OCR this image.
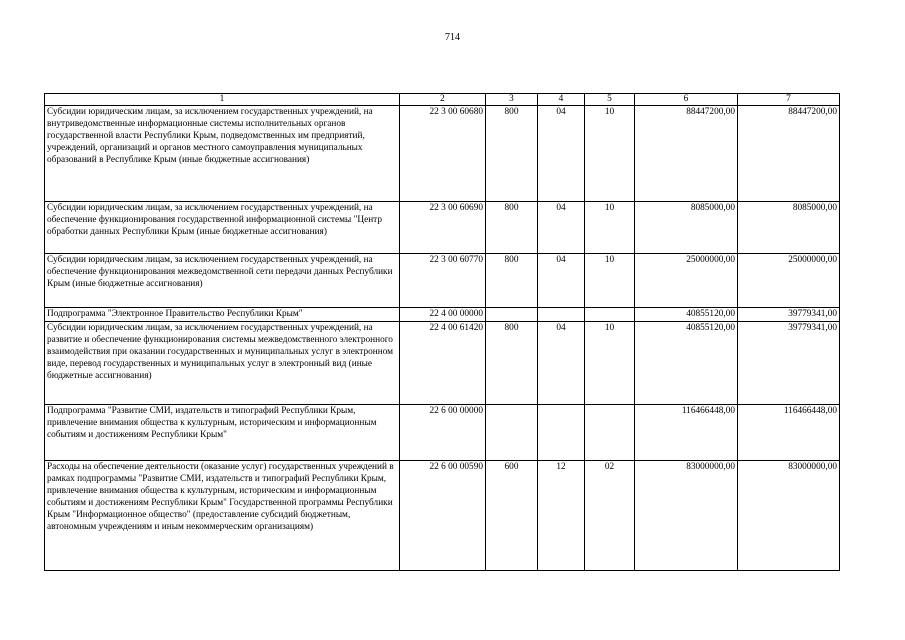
714
1	2	3	4	5	6	7
Субсидии юридическим лицам, за исключением государственных учреждений, на внутриведомственные информационные системы исполнительных органов государственной власти Республики Крым, подведомственных им предприятий, учреждений, организаций и органов местного самоуправления муниципальных образований в Республике Крым (иные бюджетные ассигнования)	22 3 00 60680	800	04	10	88447200,00	88447200,00
Субсидии юридическим лицам, за исключением государственных учреждений, на обеспечение функционирования государственной информационной системы "Центр обработки данных Республики Крым (иные бюджетные ассигнования)	22 3 00 60690	800	04	10	8085000,00	8085000,00
Субсидии юридическим лицам, за исключением государственных учреждений, на обеспечение функционирования межведомственной сети передачи данных Республики Крым (иные бюджетные ассигнования)	22 3 00 60770	800	04	10	25000000,00	25000000,00
Подпрограмма "Электронное Правительство Республики Крым"	22 4 00 00000				40855120,00	39779341,00
Субсидии юридическим лицам, за исключением государственных учреждений, на развитие и обеспечение функционирования системы межведомственного электронного взаимодействия при оказании государственных и муниципальных услуг в электронном виде, перевод государственных и муниципальных услуг в электронный вид (иные бюджетные ассигнования)	22 4 00 61420	800	04	10	40855120,00	39779341,00
Подпрограмма "Развитие СМИ, издательств и типографий Республики Крым, привлечение внимания общества к культурным, историческим и информационным событиям и достижениям Республики Крым"	22 6 00 00000				116466448,00	116466448,00
Расходы на обеспечение деятельности (оказание услуг) государственных учреждений в рамках подпрограммы "Развитие СМИ, издательств и типографий Республики Крым, привлечение внимания общества к культурным, историческим и информационным событиям и достижениям Республики Крым" Государственной программы Республики Крым "Информационное общество" (предоставление субсидий бюджетным, автономным учреждениям и иным некоммерческим организациям)	22 6 00 00590	600	12	02	83000000,00	83000000,00
